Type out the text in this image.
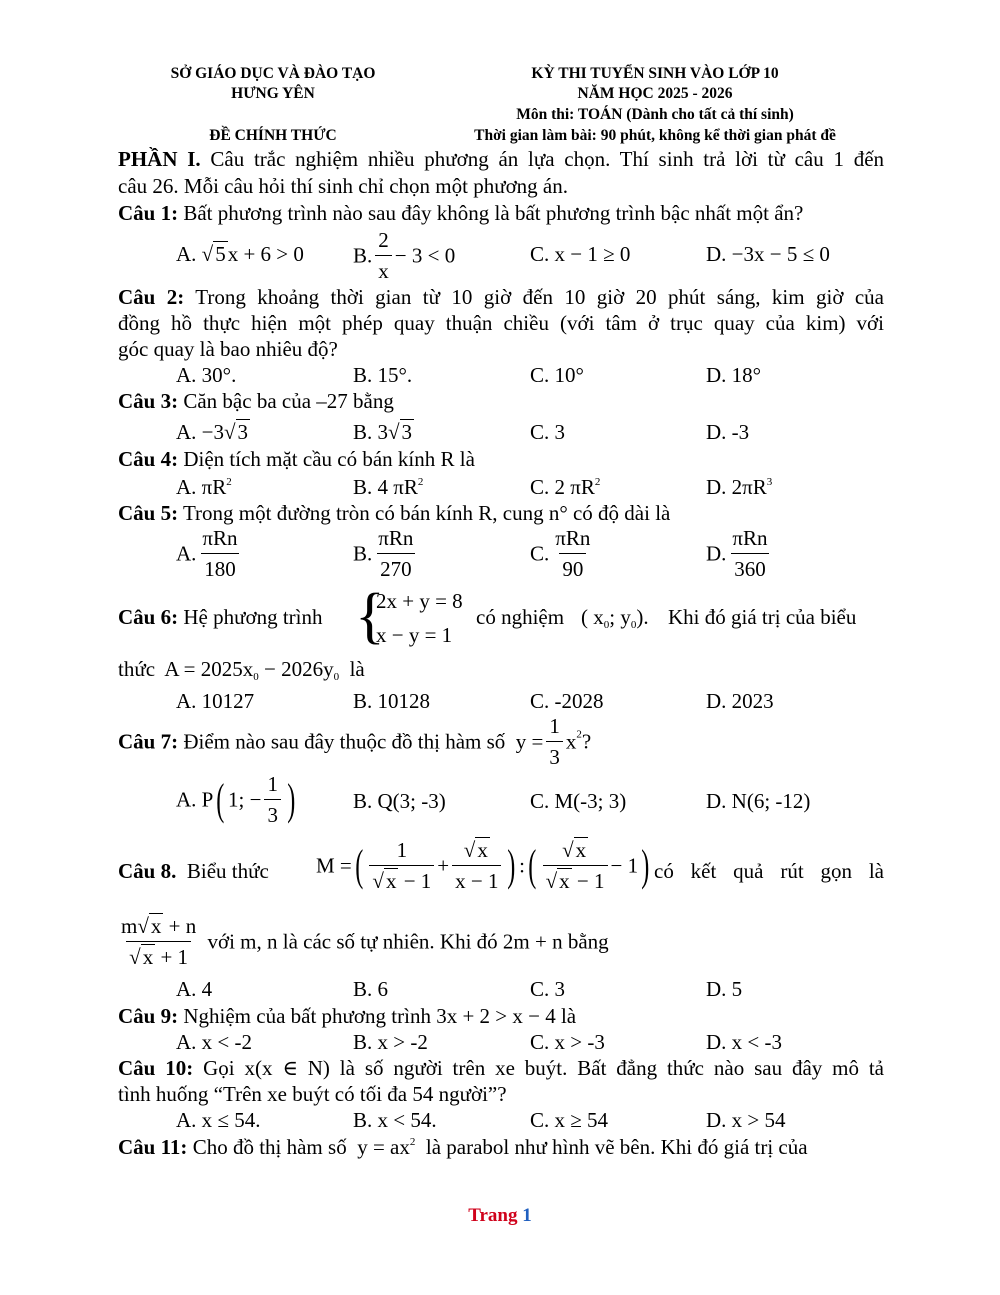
SỞ GIÁO DỤC VÀ ĐÀO TẠO
HƯNG YÊN
ĐỀ CHÍNH THỨC
KỲ THI TUYỂN SINH VÀO LỚP 10
NĂM HỌC 2025 - 2026
Môn thi: TOÁN (Dành cho tất cả thí sinh)
Thời gian làm bài: 90 phút, không kể thời gian phát đề
PHẦN I. Câu trắc nghiệm nhiều phương án lựa chọn. Thí sinh trả lời từ câu 1 đến
câu 26. Mỗi câu hỏi thí sinh chỉ chọn một phương án.
Câu 1: Bất phương trình nào sau đây không là bất phương trình bậc nhất một ẩn?
A. √5x + 6 > 0 B. $\frac{2}{x} - 3 < 0$	C. x − 1 ≥ 0	D. −3x − 5 ≤ 0
Câu 2: Trong khoảng thời gian từ 10 giờ đến 10 giờ 20 phút sáng, kim giờ của
đồng hồ thực hiện một phép quay thuận chiều (với tâm ở trục quay của kim) với
góc quay là bao nhiêu độ?
A. 30°.	B. 15°.	C. 10°	D. 18°
Câu 3: Căn bậc ba của –27 bằng
A. −3√3	B. 3√3	C. 3	D. -3
Câu 4: Diện tích mặt cầu có bán kính R là
A. $\pi R^2$	B. 4 $\pi R^2$	C. 2 $\pi R^2$	D. $2\pi R^3$
Câu 5: Trong một đường tròn có bán kính R, cung n° có độ dài là
A. $\frac{\text{πRn}}{180}$	B. $\frac{\text{πRn}}{270}$	C. $\frac{\text{πRn}}{90}$	D. $\frac{\text{πRn}}{360}$
Câu 6: Hệ phương trình {
2x + y = 8
x − y = 1
có nghiệm ( $x_0$; $y_0$). Khi đó giá trị của biểu
thức $A = 2025x_0 - 2026y_0$ là
A. 10127	B. 10128	C. -2028	D. 2023
Câu 7: Điểm nào sau đây thuộc đồ thị hàm số $y = \frac{1}{3} x^2$?
A. P( 1; − $\frac{1}{3}$ )	B. Q(3; -3)	C. M(-3; 3)	D. N(6; -12)
Câu 8. Biểu thức M =( $\frac{1}{√x - 1} + \frac{√x}{x - 1}$ ) :( $\frac{√x}{√x - 1} - 1$) có kết quả rút gọn là
$\frac{m√x + n}{√x + 1}$ với m, n là các số tự nhiên. Khi đó 2m + n bằng
A. 4	B. 6	C. 3	D. 5
Câu 9: Nghiệm của bất phương trình 3x + 2 > x − 4 là
A. x < -2	B. x > -2	C. x > -3	D. x < -3
Câu 10: Gọi x(x ∈ N) là số người trên xe buýt. Bất đẳng thức nào sau đây mô tả
tình huống “Trên xe buýt có tối đa 54 người”?
A. x ≤ 54.	B. x < 54.	C. x ≥ 54	D. x > 54
Câu 11: Cho đồ thị hàm số $y = ax^2$ là parabol như hình vẽ bên. Khi đó giá trị của
Trang 1
